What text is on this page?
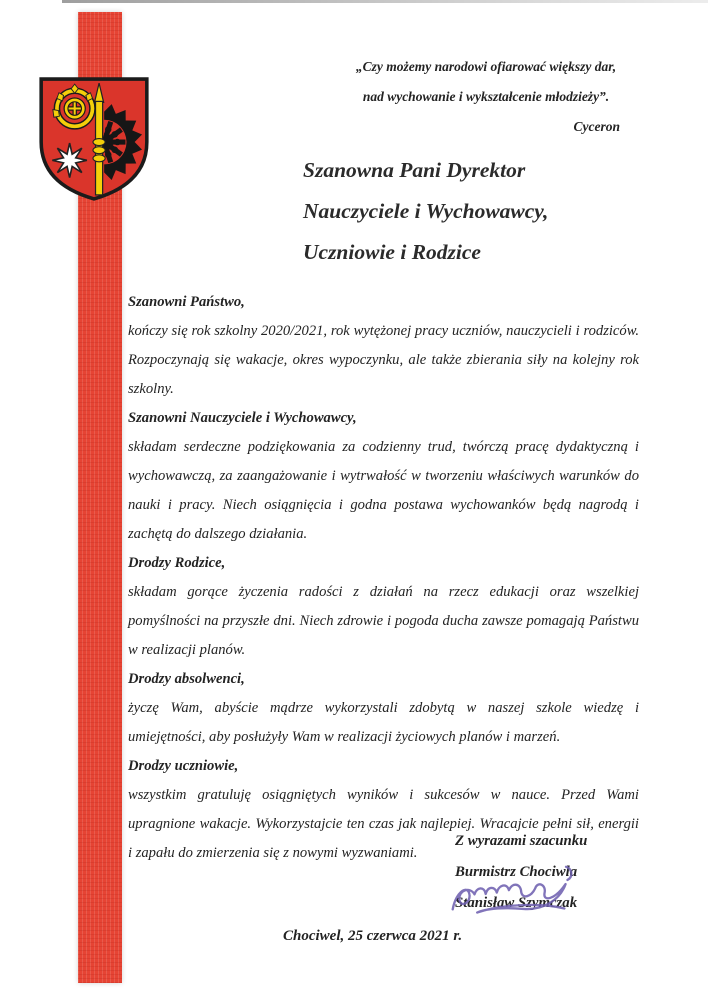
„Czy możemy narodowi ofiarować większy dar,
nad wychowanie i wykształcenie młodzieży”.
Cyceron
Szanowna Pani Dyrektor
Nauczyciele i Wychowawcy,
Uczniowie i Rodzice
Szanowni Państwo,

kończy się rok szkolny 2020/2021, rok wytężonej pracy uczniów, nauczycieli i rodziców. Rozpoczynają się wakacje, okres wypoczynku, ale także zbierania siły na kolejny rok szkolny.

Szanowni Nauczyciele i Wychowawcy,

składam serdeczne podziękowania za codzienny trud, twórczą pracę dydaktyczną i wychowawczą, za zaangażowanie i wytrwałość w tworzeniu właściwych warunków do nauki i pracy. Niech osiągnięcia i godna postawa wychowanków będą nagrodą i zachętą do dalszego działania.

Drodzy Rodzice,

składam gorące życzenia radości z działań na rzecz edukacji oraz wszelkiej pomyślności na przyszłe dni. Niech zdrowie i pogoda ducha zawsze pomagają Państwu w realizacji planów.

Drodzy absolwenci,

życzę Wam, abyście mądrze wykorzystali zdobytą w naszej szkole wiedzę i umiejętności, aby posłużyły Wam w realizacji życiowych planów i marzeń.

Drodzy uczniowie,

wszystkim gratuluję osiągniętych wyników i sukcesów w nauce. Przed Wami upragnione wakacje. Wykorzystajcie ten czas jak najlepiej. Wracajcie pełni sił, energii i zapału do zmierzenia się z nowymi wyzwaniami.

Z wyrazami szacunku
Burmistrz Chociwla
Stanisław Szymczak
Chociwel, 25 czerwca 2021 r.
